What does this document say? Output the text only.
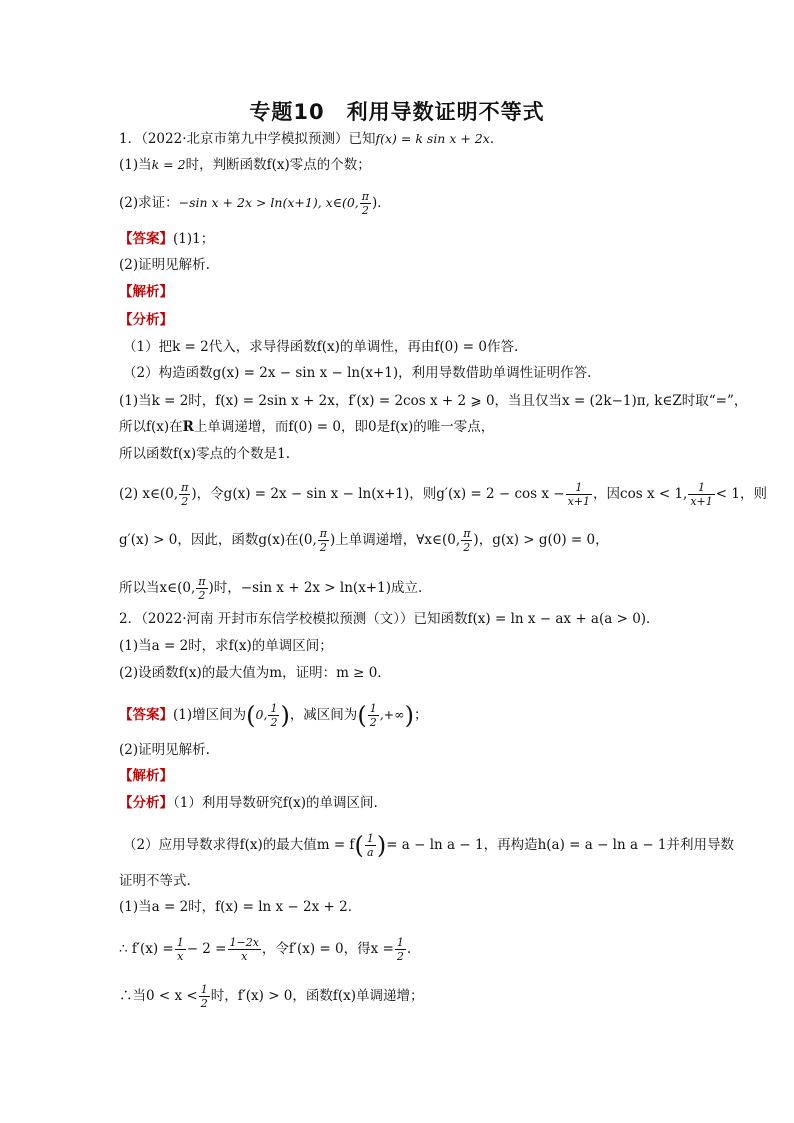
专题10　利用导数证明不等式
1．（2022·北京市第九中学模拟预测）已知f(x) = k sin x + 2x．
(1)当k = 2时，判断函数f(x)零点的个数；
(2)求证：−sin x + 2x > ln(x+1), x∈(0, $\frac{\pi}{2}$ )．
【答案】(1)1；
(2)证明见解析.
【解析】
【分析】
（1）把k = 2代入，求导得函数f(x)的单调性，再由f(0) = 0作答.
（2）构造函数g(x) = 2x − sin x − ln(x+1)，利用导数借助单调性证明作答.
(1)当k = 2时，f(x) = 2sin x + 2x，f′(x) = 2cos x + 2 ⩾ 0，当且仅当x = (2k−1)π, k∈Z时取“=”，
所以f(x)在R上单调递增，而f(0) = 0，即0是f(x)的唯一零点，
所以函数f(x)零点的个数是1.
(2) x∈(0, $\frac{\pi}{2}$ )，令g(x) = 2x − sin x − ln(x+1)，则$g'(x) = 2 - \cos x - \frac{1}{x+1}$ ，因cos x < 1, $\frac{1}{x+1} < 1$，则
g′(x) > 0，因此，函数g(x)在(0, $\frac{\pi}{2}$ )上单调递增，∀x∈(0, $\frac{\pi}{2}$ )，g(x) > g(0) = 0，
所以当x∈(0, $\frac{\pi}{2}$ )时，−sin x + 2x > ln(x+1)成立.
2．（2022·河南 开封市东信学校模拟预测（文））已知函数f(x) = ln x − ax + a(a > 0)．
(1)当a = 2时，求f(x)的单调区间；
(2)设函数f(x)的最大值为m，证明：m ≥ 0．
【答案】(1)增区间为(0, $\frac{1}{2}$ )，减区间为( $\frac{1}{2}$ ,+∞)；
(2)证明见解析.
【解析】
【分析】（1）利用导数研究f(x)的单调区间.
（2）应用导数求得f(x)的最大值$m = f( \frac{1}{a}$ )= a − ln a − 1，再构造h(a) = a − ln a − 1并利用导数
证明不等式.
(1)当a = 2时，f(x) = ln x − 2x + 2．
∴ $f'(x) = \frac{1}{x} - 2 = \frac{1-2x}{x}$ ，令f′(x) = 0，得$x = \frac{1}{2}$ .
∴当$0 < x < \frac{1}{2}$ 时，f′(x) > 0，函数f(x)单调递增；
